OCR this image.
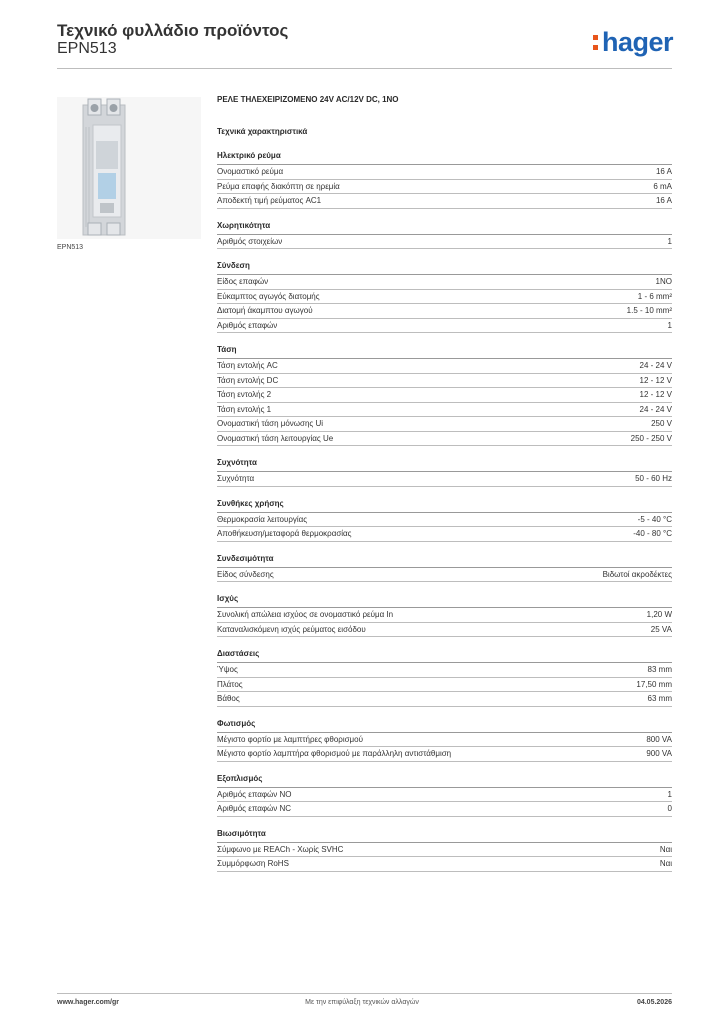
Τεχνικό φυλλάδιο προϊόντος
EPN513	hager
EPN513
ΡΕΛΕ ΤΗΛΕΧΕΙΡΙΖΟΜΕΝΟ 24V AC/12V DC, 1NO
Τεχνικά χαρακτηριστικά
Ηλεκτρικό ρεύμα
Ονομαστικό ρεύμα	16 A
Ρεύμα επαφής διακόπτη σε ηρεμία	6 mA
Αποδεκτή τιμή ρεύματος AC1	16 A
Χωρητικότητα
Αριθμός στοιχείων	1
Σύνδεση
Είδος επαφών	1NO
Εύκαμπτος αγωγός διατομής	1 - 6 mm²
Διατομή άκαμπτου αγωγού	1.5 - 10 mm²
Αριθμός επαφών	1
Τάση
Τάση εντολής AC	24 - 24 V
Τάση εντολής DC	12 - 12 V
Τάση εντολής 2	12 - 12 V
Τάση εντολής 1	24 - 24 V
Ονομαστική τάση μόνωσης Ui	250 V
Ονομαστική τάση λειτουργίας Ue	250 - 250 V
Συχνότητα
Συχνότητα	50 - 60 Hz
Συνθήκες χρήσης
Θερμοκρασία λειτουργίας	-5 - 40 °C
Αποθήκευση/μεταφορά θερμοκρασίας	-40 - 80 °C
Συνδεσιμότητα
Είδος σύνδεσης	Βιδωτοί ακροδέκτες
Ισχύς
Συνολική απώλεια ισχύος σε ονομαστικό ρεύμα In	1,20 W
Καταναλισκόμενη ισχύς ρεύματος εισόδου	25 VA
Διαστάσεις
Ύψος	83 mm
Πλάτος	17,50 mm
Βάθος	63 mm
Φωτισμός
Μέγιστο φορτίο με λαμπτήρες φθορισμού	800 VA
Μέγιστο φορτίο λαμπτήρα φθορισμού με παράλληλη αντιστάθμιση	900 VA
Εξοπλισμός
Αριθμός επαφών NO	1
Αριθμός επαφών NC	0
Βιωσιμότητα
Σύμφωνο με REACh - Χωρίς SVHC	Ναι
Συμμόρφωση RoHS	Ναι
www.hager.com/gr	Με την επιφύλαξη τεχνικών αλλαγών	04.05.2026
